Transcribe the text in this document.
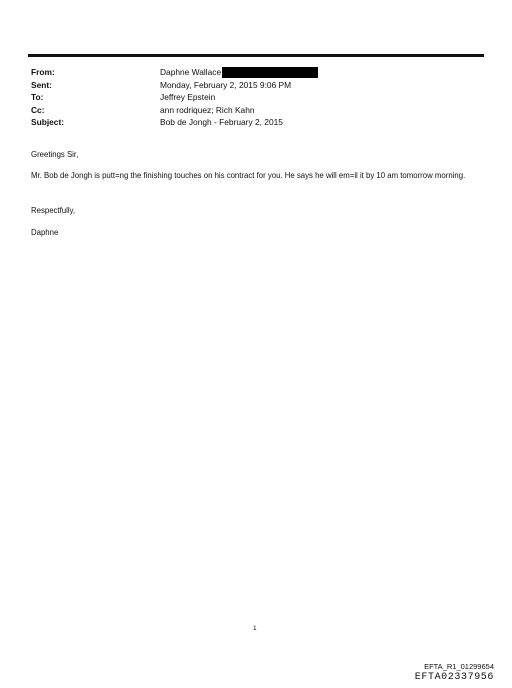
From:	Daphne Wallace
Sent:	Monday, February 2, 2015 9:06 PM
To:	Jeffrey Epstein
Cc:	ann rodriquez; Rich Kahn
Subject:	Bob de Jongh - February 2, 2015
Greetings Sir,
Mr. Bob de Jongh is putt=ng the finishing touches on his contract for you. He says he will em=il it by 10 am tomorrow morning.
Respectfully,
Daphne
1
EFTA_R1_01299654
EFTA02337956
